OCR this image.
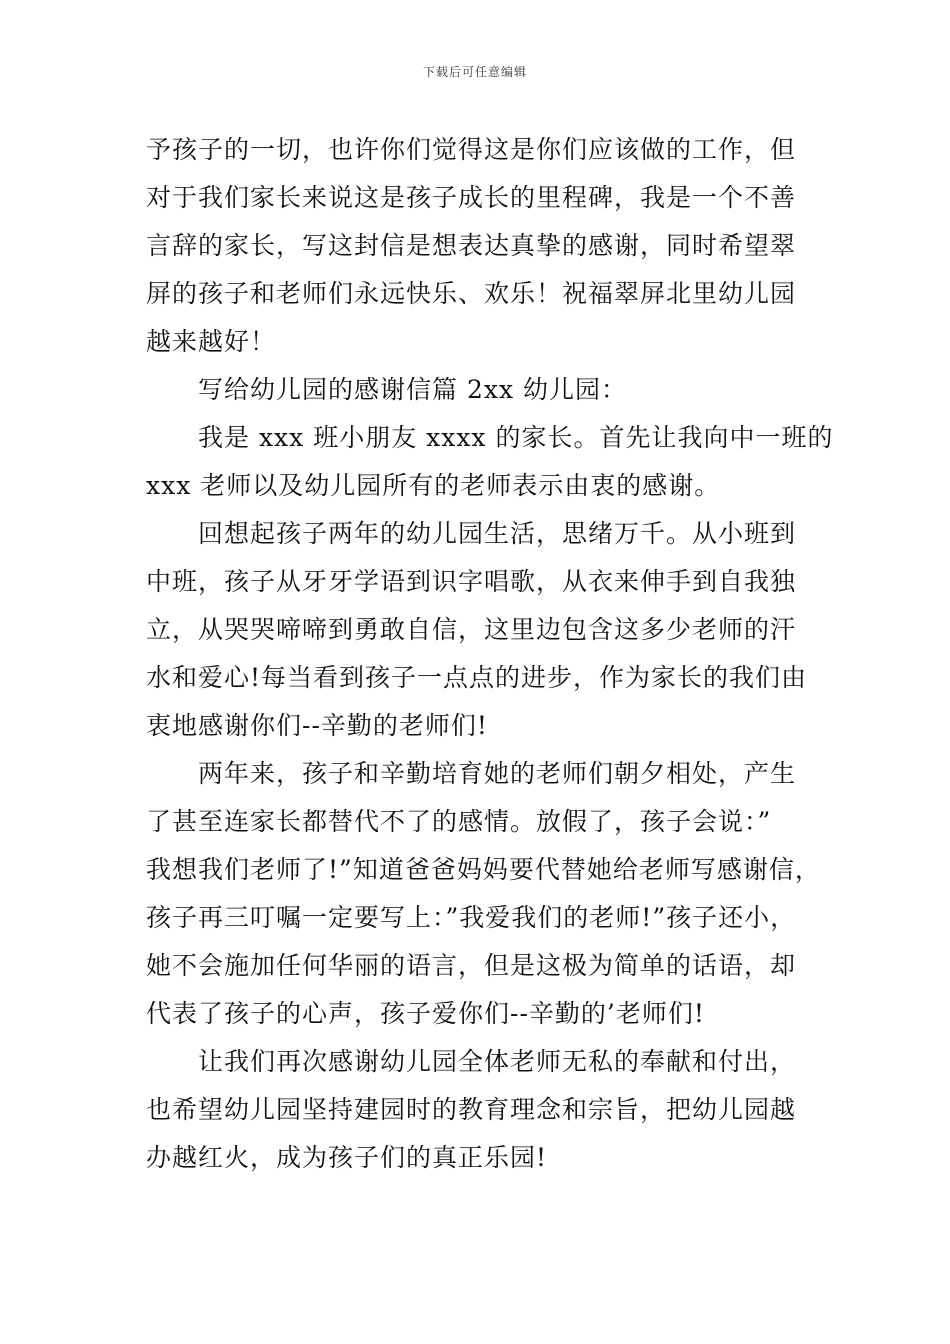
下载后可任意编辑
予孩子的一切，也许你们觉得这是你们应该做的工作，但
对于我们家长来说这是孩子成长的里程碑，我是一个不善
言辞的家长，写这封信是想表达真挚的感谢，同时希望翠
屏的孩子和老师们永远快乐、欢乐！祝福翠屏北里幼儿园
越来越好！
写给幼儿园的感谢信篇 2xx 幼儿园：
我是 xxx 班小朋友 xxxx 的家长。首先让我向中一班的
xxx 老师以及幼儿园所有的老师表示由衷的感谢。
回想起孩子两年的幼儿园生活，思绪万千。从小班到
中班，孩子从牙牙学语到识字唱歌，从衣来伸手到自我独
立，从哭哭啼啼到勇敢自信，这里边包含这多少老师的汗
水和爱心!每当看到孩子一点点的进步，作为家长的我们由
衷地感谢你们--辛勤的老师们!
两年来，孩子和辛勤培育她的老师们朝夕相处，产生
了甚至连家长都替代不了的感情。放假了，孩子会说：”
我想我们老师了!”知道爸爸妈妈要代替她给老师写感谢信，
孩子再三叮嘱一定要写上：”我爱我们的老师!”孩子还小，
她不会施加任何华丽的语言，但是这极为简单的话语，却
代表了孩子的心声，孩子爱你们--辛勤的’老师们!
让我们再次感谢幼儿园全体老师无私的奉献和付出，
也希望幼儿园坚持建园时的教育理念和宗旨，把幼儿园越
办越红火，成为孩子们的真正乐园!
